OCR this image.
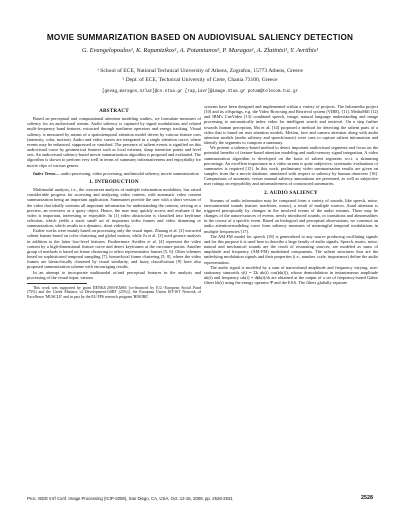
MOVIE SUMMARIZATION BASED ON AUDIOVISUAL SALIENCY DETECTION
G. Evangelopoulos¹, K. Rapantzikos¹, A. Potamianos², P. Maragos¹, A. Zlatintsi¹, Y. Avrithis¹
¹ School of ECE, National Technical University of Athens, Zografou, 15773 Athens, Greece
² Dept. of ECE, Technical University of Crete, Chania 73100, Greece
[gevag,maragos,nzlat]@cs.ntua.gr [rap,iavr]@image.ntua.gr potam@telecom.tuc.gr
ABSTRACT

Based on perceptual and computational attention modeling studies, we formulate measures of saliency for an audiovisual stream. Audio saliency is captured by signal modulations and related multi-frequency band features, extracted through nonlinear operators and energy tracking. Visual saliency is measured by means of a spatiotemporal attention model driven by various feature cues (intensity, color, motion). Audio and video curves are integrated in a single attention curve, where events may be enhanced, suppressed or vanished. The presence of salient events is signified on this audiovisual curve by geometrical features such as local extrema, sharp transition points and level sets. An audiovisual saliency-based movie summarization algorithm is proposed and evaluated. The algorithm is shown to perform very well in terms of summary informativeness and enjoyability for movie clips of various genres.

Index Terms— audio processing, video processing, multimodal saliency, movie summarization

1. INTRODUCTION

Multimodal analysis, i.e., the concurrent analysis of multiple information modalities, has raised considerable progress for accessing and analyzing video content, with automatic video content summarization being an important application. Summaries provide the user with a short version of the video that ideally contains all important information for understanding the content, serving as a preview, an overview or a query object. Hence, the user may quickly access and evaluate if the video is important, interesting or enjoyable. In [1] video abstraction is classified into keyframe selection, which yields a static small set of important video frames and video skimming or summarization, which results in a dynamic, short videoclip.

Earlier works were mainly based on processing only the visual input. Zhuang et al. [2] extracted salient frames based on color clustering and global motion, while Ju et al. [3] used gesture analysis in addition to the latter low-level features. Furthermore Avrithis et al. [4] represent the video content by a high-dimensional feature curve and detect keyframes at the curvature points. Another group of methods is based on frame clustering to select representative frames [5, 6]. Other schemes based on sophisticated temporal sampling [7], hierarchical frame clustering [5, 8], where the video frames are hierarchically clustered by visual similarity, and fuzzy classification [9] have also proposed summarization scheme with encouraging results.

In an attempt to incorporate multimodal or/and perceptual features in the analysis and processing of the visual input, various

This work was supported by grant ΠΕΝΕΔ-2003-ΕΔ865 [co-financed by E.U.-European Social Fund (75%) and the Greek Ministry of Development-GSRT (25%)], the European Union IST-IST Network of Excellence 'MUSCLE' and in part by the EU FP6 research program 'HIWIRE'.

systems have been designed and implemented within a variety of projects. The Informedia project [10] and its offsprings, e.g. the Video Browsing and Retrieval system (VIBE), [11], MediaMill [12] and IBM's CueVideo [13] combined speech, image, natural language understanding and image processing to automatically index video for intelligent search and retrieval. On a step further towards human perception, Ma et al. [14] proposed a method for detecting the salient parts of a video that is based on user attention models. Motion, face and camera attention along with audio attention models (audio saliency and speech/music) were cues to capture salient information and identify the segments to compose a summary.

We present a saliency-based method to detect important audiovisual segments and focus on the potential benefits of feature-based attention modeling and multi-sensory signal integration. A video summarization algorithm is developed on the basis of salient segments w.r.t. a skimming percentage. An excellent importance in a video stream is quite subjective, systematic evaluations of summaries is required [15]. In this work, preliminary video summarization results are given on samples from the a movie database, annotated with respect to saliency by human observers [16]. Comparisons of automatic versus manual saliency annotations are presented, as well as subjective user ratings on enjoyability and informativeness of constructed summaries.

2. AUDIO SALIENCY

Streams of audio information may be composed from a variety of sounds, like speech, noise, environmental sounds (nature, machines, music), a result of multiple sources. Aural attention is triggered perceptually by changes in the involved events of the audio streams. There may be changes of the nature/sources of events, newly introduced sounds, or transitions and abnormalities in the course of a specific event. Based on biological and perceptual observations, we construct an audio attention-modeling curve from saliency measures of meaningful temporal modulations in multiple frequencies [17].

The AM-FM model for speech [18] is generalized to any source producing oscillating signals and for this purpose it is used here to describe a large family of audio signals. Speech, music, noise, natural and mechanical sounds are the result of resonating sources; are modeled as sums of amplitude and frequency (AM-FM) modulated components. The salient structures thus are the underlying modulation signals and their properties (i.e., number, scale, importance) define the audio representation.

The audio signal is modeled by a sum of narrowband amplitude and frequency varying, non-stationary sinusoids s(t) = Σk αk(t) cos(ϕk(t)), whose demodulation in instantaneous amplitude αk(t) and frequency ωk(t) = dϕk(t)/dt are obtained at the output of a set of frequency-tuned Gabor filters hk(t) using the energy operator Ψ and the ESA. The filters globally separate

Proc. IEEE Int'l Conf. Image Processing (ICIP-2008), San Diego, CA, USA, Oct. 12-15, 2008. pp. 2528-2531	2528
